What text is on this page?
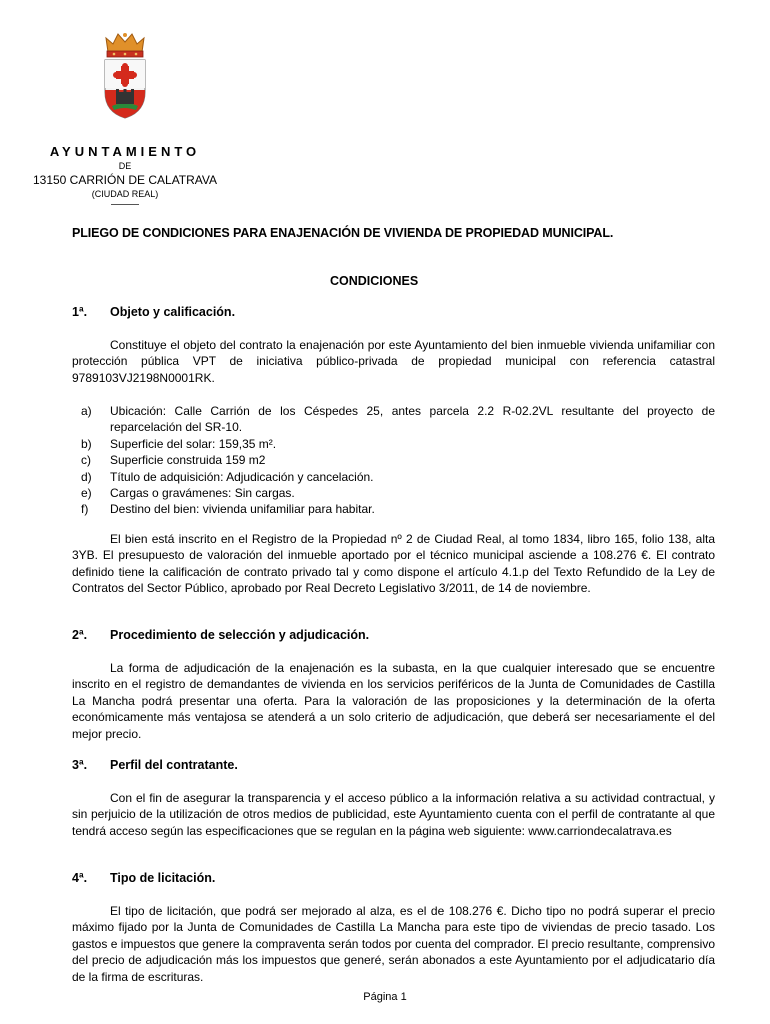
AYUNTAMIENTO
DE
13150 CARRIÓN DE CALATRAVA
(CIUDAD REAL)
PLIEGO DE CONDICIONES PARA ENAJENACIÓN DE VIVIENDA DE PROPIEDAD MUNICIPAL.
CONDICIONES
1ª. Objeto y calificación.
Constituye el objeto del contrato la enajenación por este Ayuntamiento del bien inmueble vivienda unifamiliar con protección pública VPT de iniciativa público-privada de propiedad municipal con referencia catastral 9789103VJ2198N0001RK.
a)	Ubicación: Calle Carrión de los Céspedes 25, antes parcela 2.2 R-02.2VL resultante del proyecto de reparcelación del SR-10.
b)	Superficie del solar: 159,35 m².
c)	Superficie construida 159 m2
d)	Título de adquisición: Adjudicación y cancelación.
e)	Cargas o gravámenes: Sin cargas.
f)	Destino del bien: vivienda unifamiliar para habitar.
El bien está inscrito en el Registro de la Propiedad nº 2 de Ciudad Real, al tomo 1834, libro 165, folio 138, alta 3YB. El presupuesto de valoración del inmueble aportado por el técnico municipal asciende a 108.276 €. El contrato definido tiene la calificación de contrato privado tal y como dispone el artículo 4.1.p del Texto Refundido de la Ley de Contratos del Sector Público, aprobado por Real Decreto Legislativo 3/2011, de 14 de noviembre.
2ª. Procedimiento de selección y adjudicación.
La forma de adjudicación de la enajenación es la subasta, en la que cualquier interesado que se encuentre inscrito en el registro de demandantes de vivienda en los servicios periféricos de la Junta de Comunidades de Castilla La Mancha podrá presentar una oferta. Para la valoración de las proposiciones y la determinación de la oferta económicamente más ventajosa se atenderá a un solo criterio de adjudicación, que deberá ser necesariamente el del mejor precio.
3ª. Perfil del contratante.
Con el fin de asegurar la transparencia y el acceso público a la información relativa a su actividad contractual, y sin perjuicio de la utilización de otros medios de publicidad, este Ayuntamiento cuenta con el perfil de contratante al que tendrá acceso según las especificaciones que se regulan en la página web siguiente: www.carriondecalatrava.es
4ª. Tipo de licitación.
El tipo de licitación, que podrá ser mejorado al alza, es el de 108.276 €. Dicho tipo no podrá superar el precio máximo fijado por la Junta de Comunidades de Castilla La Mancha para este tipo de viviendas de precio tasado. Los gastos e impuestos que genere la compraventa serán todos por cuenta del comprador. El precio resultante, comprensivo del precio de adjudicación más los impuestos que generé, serán abonados a este Ayuntamiento por el adjudicatario día de la firma de escrituras.
Página 1
